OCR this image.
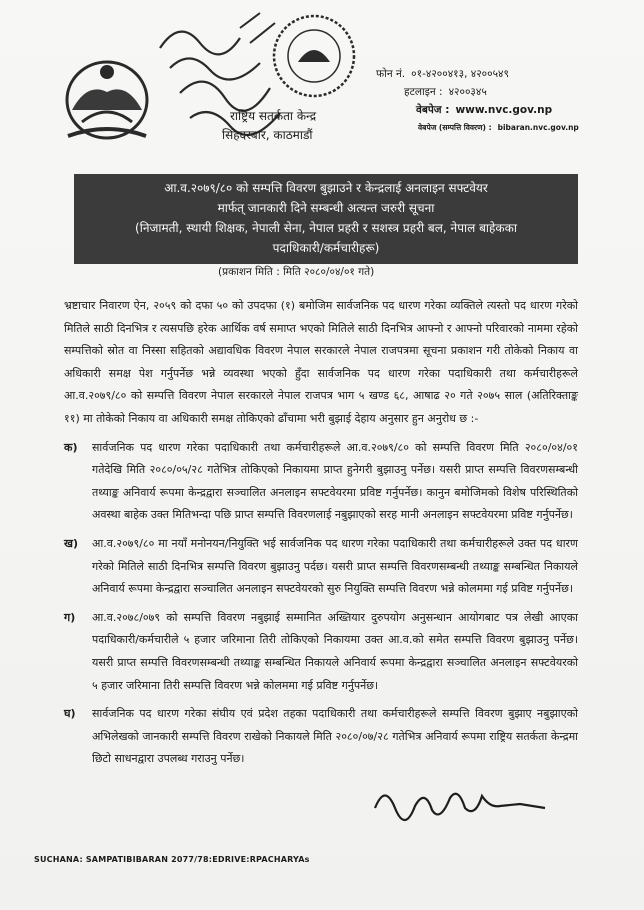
राष्ट्रिय सतर्कता केन्द्र
सिंहदरबार, काठमाडौं
फोन नं. ०१-४२००४१३, ४२००५४९
हटलाइन : ४२००३४५
वेबपेज : www.nvc.gov.np
वेबपेज (सम्पत्ति विवरण) : bibaran.nvc.gov.np
आ.व.२०७९/८० को सम्पत्ति विवरण बुझाउने र केन्द्रलाई अनलाइन सफ्टवेयर
मार्फत् जानकारी दिने सम्बन्धी अत्यन्त जरुरी सूचना
(निजामती, स्थायी शिक्षक, नेपाली सेना, नेपाल प्रहरी र सशस्त्र प्रहरी बल, नेपाल बाहेकका
पदाधिकारी/कर्मचारीहरू)
(प्रकाशन मिति : मिति २०८०/०४/०१ गते)

भ्रष्टाचार निवारण ऐन, २०५९ को दफा ५० को उपदफा (१) बमोजिम सार्वजनिक पद धारण गरेका व्यक्तिले त्यस्तो पद धारण गरेको मितिले साठी दिनभित्र र त्यसपछि हरेक आर्थिक वर्ष समाप्त भएको मितिले साठी दिनभित्र आफ्नो र आफ्नो परिवारको नाममा रहेको सम्पत्तिको स्रोत वा निस्सा सहितको अद्यावधिक विवरण नेपाल सरकारले नेपाल राजपत्रमा सूचना प्रकाशन गरी तोकेको निकाय वा अधिकारी समक्ष पेश गर्नुपर्नेछ भन्ने व्यवस्था भएको हुँदा सार्वजनिक पद धारण गरेका पदाधिकारी तथा कर्मचारीहरूले आ.व.२०७९/८० को सम्पत्ति विवरण नेपाल सरकारले नेपाल राजपत्र भाग ५ खण्ड ६८, आषाढ २० गते २०७५ साल (अतिरिक्ताङ्क ११) मा तोकेको निकाय वा अधिकारी समक्ष तोकिएको ढाँचामा भरी बुझाई देहाय अनुसार हुन अनुरोध छ :-

क)	सार्वजनिक पद धारण गरेका पदाधिकारी तथा कर्मचारीहरूले आ.व.२०७९/८० को सम्पत्ति विवरण मिति २०८०/०४/०१ गतेदेखि मिति २०८०/०५/२८ गतेभित्र तोकिएको निकायमा प्राप्त हुनेगरी बुझाउनु पर्नेछ। यसरी प्राप्त सम्पत्ति विवरणसम्बन्धी तथ्याङ्क अनिवार्य रूपमा केन्द्रद्वारा सञ्चालित अनलाइन सफ्टवेयरमा प्रविष्ट गर्नुपर्नेछ। कानुन बमोजिमको विशेष परिस्थितिको अवस्था बाहेक उक्त मितिभन्दा पछि प्राप्त सम्पत्ति विवरणलाई नबुझाएको सरह मानी अनलाइन सफ्टवेयरमा प्रविष्ट गर्नुपर्नेछ।
ख)	आ.व.२०७९/८० मा नयाँ मनोनयन/नियुक्ति भई सार्वजनिक पद धारण गरेका पदाधिकारी तथा कर्मचारीहरूले उक्त पद धारण गरेको मितिले साठी दिनभित्र सम्पत्ति विवरण बुझाउनु पर्दछ। यसरी प्राप्त सम्पत्ति विवरणसम्बन्धी तथ्याङ्क सम्बन्धित निकायले अनिवार्य रूपमा केन्द्रद्वारा सञ्चालित अनलाइन सफ्टवेयरको सुरु नियुक्ति सम्पत्ति विवरण भन्ने कोलममा गई प्रविष्ट गर्नुपर्नेछ।
ग)	आ.व.२०७८/०७९ को सम्पत्ति विवरण नबुझाई सम्मानित अख्तियार दुरुपयोग अनुसन्धान आयोगबाट पत्र लेखी आएका पदाधिकारी/कर्मचारीले ५ हजार जरिमाना तिरी तोकिएको निकायमा उक्त आ.व.को समेत सम्पत्ति विवरण बुझाउनु पर्नेछ। यसरी प्राप्त सम्पत्ति विवरणसम्बन्धी तथ्याङ्क सम्बन्धित निकायले अनिवार्य रूपमा केन्द्रद्वारा सञ्चालित अनलाइन सफ्टवेयरको ५ हजार जरिमाना तिरी सम्पत्ति विवरण भन्ने कोलममा गई प्रविष्ट गर्नुपर्नेछ।
घ)	सार्वजनिक पद धारण गरेका संघीय एवं प्रदेश तहका पदाधिकारी तथा कर्मचारीहरूले सम्पत्ति विवरण बुझाए नबुझाएको अभिलेखको जानकारी सम्पत्ति विवरण राखेको निकायले मिति २०८०/०७/२८ गतेभित्र अनिवार्य रूपमा राष्ट्रिय सतर्कता केन्द्रमा छिटो साधनद्वारा उपलब्ध गराउनु पर्नेछ।
SUCHANA: SAMPATIBIBARAN 2077/78:EDRIVE:RPACHARYAs
